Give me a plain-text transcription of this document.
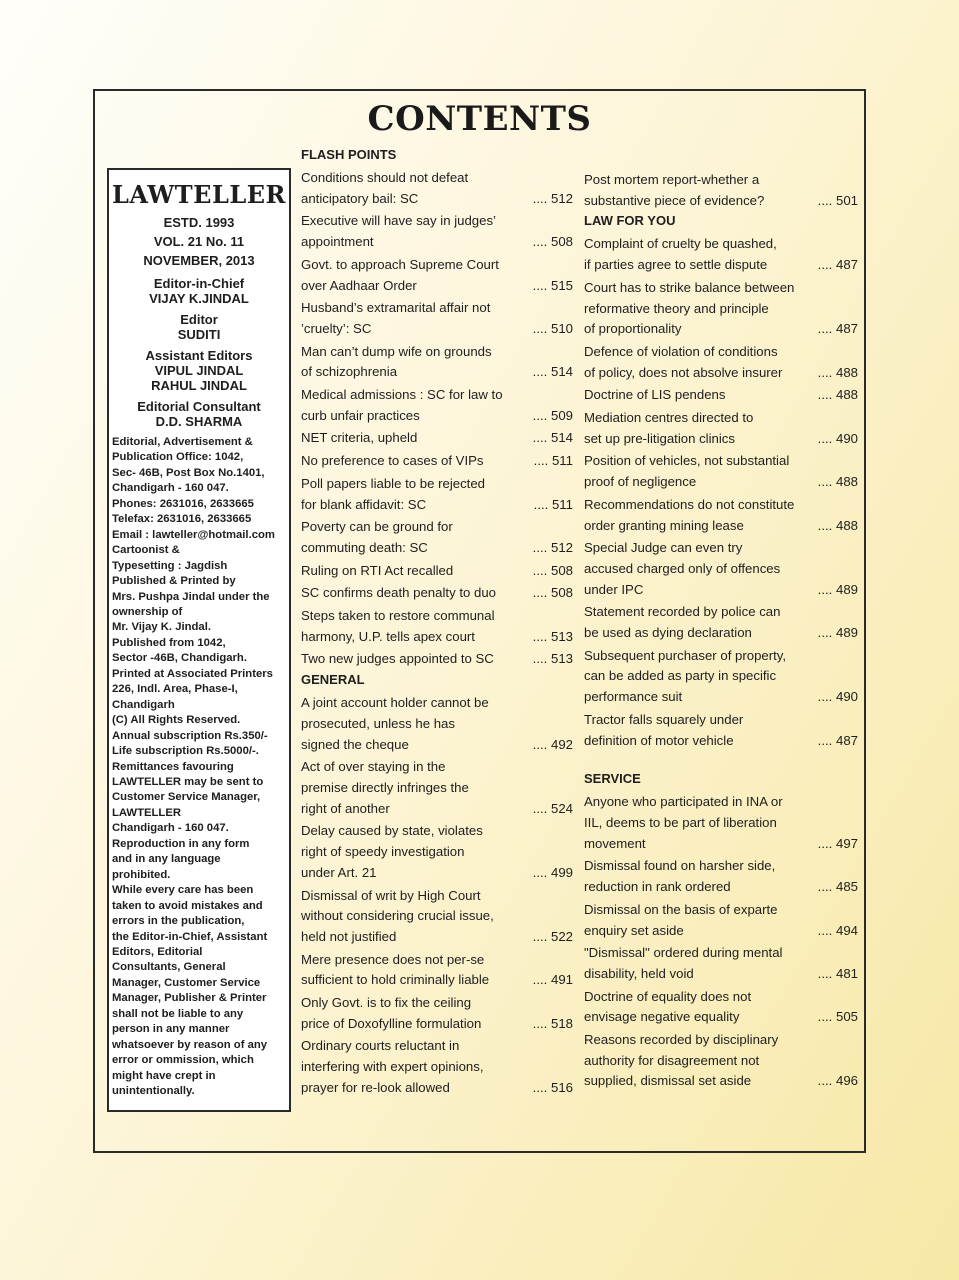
CONTENTS
LAWTELLER
ESTD. 1993
VOL. 21 No. 11
NOVEMBER, 2013
Editor-in-Chief
VIJAY K.JINDAL
Editor
SUDITI
Assistant Editors
VIPUL JINDAL
RAHUL JINDAL
Editorial Consultant
D.D. SHARMA
Editorial, Advertisement &
Publication Office: 1042,
Sec- 46B, Post Box No.1401,
Chandigarh - 160 047.
Phones: 2631016, 2633665
Telefax: 2631016, 2633665
Email : lawteller@hotmail.com
Cartoonist &
Typesetting : Jagdish
Published & Printed by
Mrs. Pushpa Jindal under the
ownership of
Mr. Vijay K. Jindal.
Published from 1042,
Sector -46B, Chandigarh.
Printed at Associated Printers
226, Indl. Area, Phase-I,
Chandigarh
(C) All Rights Reserved.
Annual subscription Rs.350/-
Life subscription Rs.5000/-.
Remittances favouring
LAWTELLER may be sent to
Customer Service Manager,
LAWTELLER
Chandigarh - 160 047.
Reproduction in any form
and in any language
prohibited.
While every care has been
taken to avoid mistakes and
errors in the publication,
the Editor-in-Chief, Assistant
Editors, Editorial
Consultants, General
Manager, Customer Service
Manager, Publisher & Printer
shall not be liable to any
person in any manner
whatsoever by reason of any
error or ommission, which
might have crept in
unintentionally.
FLASH POINTS
Conditions should not defeat
anticipatory bail: SC	.... 512
Executive will have say in judges’
appointment	.... 508
Govt. to approach Supreme Court
over Aadhaar Order	.... 515
Husband’s extramarital affair not
’cruelty’: SC	.... 510
Man can’t dump wife on grounds
of schizophrenia	.... 514
Medical admissions : SC for law to
curb unfair practices	.... 509
NET criteria, upheld	.... 514
No preference to cases of VIPs	.... 511
Poll papers liable to be rejected
for blank affidavit: SC	.... 511
Poverty can be ground for
commuting death: SC	.... 512
Ruling on RTI Act recalled	.... 508
SC confirms death penalty to duo	.... 508
Steps taken to restore communal
harmony, U.P. tells apex court	.... 513
Two new judges appointed to SC	.... 513
GENERAL
A joint account holder cannot be
prosecuted, unless he has
signed the cheque	.... 492
Act of over staying in the
premise directly infringes the
right of another	.... 524
Delay caused by state, violates
right of speedy investigation
under Art. 21	.... 499
Dismissal of writ by High Court
without considering crucial issue,
held not justified	.... 522
Mere presence does not per-se
sufficient to hold criminally liable	.... 491
Only Govt. is to fix the ceiling
price of Doxofylline formulation	.... 518
Ordinary courts reluctant in
interfering with expert opinions,
prayer for re-look allowed	.... 516
Post mortem report-whether a
substantive piece of evidence?	.... 501
LAW FOR YOU
Complaint of cruelty be quashed,
if parties agree to settle dispute	.... 487
Court has to strike balance between
reformative theory and principle
of proportionality	.... 487
Defence of violation of conditions
of policy, does not absolve insurer	.... 488
Doctrine of LIS pendens	.... 488
Mediation centres directed to
set up pre-litigation clinics	.... 490
Position of vehicles, not substantial
proof of negligence	.... 488
Recommendations do not constitute
order granting mining lease	.... 488
Special Judge can even try
accused charged only of offences
under IPC	.... 489
Statement recorded by police can
be used as dying declaration	.... 489
Subsequent purchaser of property,
can be added as party in specific
performance suit	.... 490
Tractor falls squarely under
definition of motor vehicle	.... 487
SERVICE
Anyone who participated in INA or
IIL, deems to be part of liberation
movement	.... 497
Dismissal found on harsher side,
reduction in rank ordered	.... 485
Dismissal on the basis of exparte
enquiry set aside	.... 494
"Dismissal" ordered during mental
disability, held void	.... 481
Doctrine of equality does not
envisage negative equality	.... 505
Reasons recorded by disciplinary
authority for disagreement not
supplied, dismissal set aside	.... 496
